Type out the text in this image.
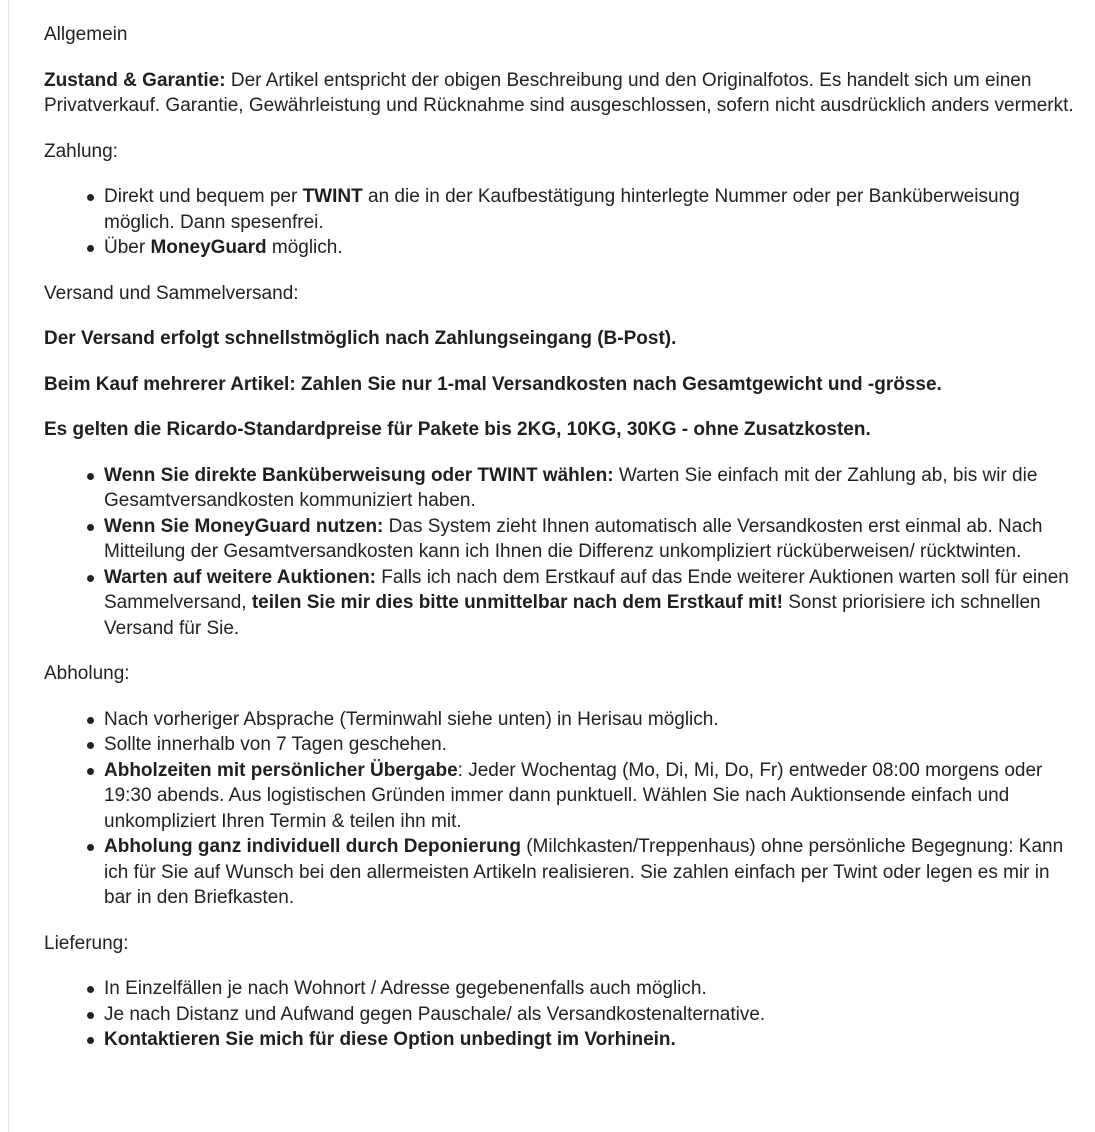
Allgemein

Zustand & Garantie: Der Artikel entspricht der obigen Beschreibung und den Originalfotos. Es handelt sich um einen Privatverkauf. Garantie, Gewährleistung und Rücknahme sind ausgeschlossen, sofern nicht ausdrücklich anders vermerkt.

Zahlung:

Direkt und bequem per TWINT an die in der Kaufbestätigung hinterlegte Nummer oder per Banküberweisung möglich. Dann spesenfrei.
Über MoneyGuard möglich.

Versand und Sammelversand:

Der Versand erfolgt schnellstmöglich nach Zahlungseingang (B-Post).

Beim Kauf mehrerer Artikel: Zahlen Sie nur 1-mal Versandkosten nach Gesamtgewicht und -grösse.

Es gelten die Ricardo-Standardpreise für Pakete bis 2KG, 10KG, 30KG - ohne Zusatzkosten.

Wenn Sie direkte Banküberweisung oder TWINT wählen: Warten Sie einfach mit der Zahlung ab, bis wir die Gesamtversandkosten kommuniziert haben.
Wenn Sie MoneyGuard nutzen: Das System zieht Ihnen automatisch alle Versandkosten erst einmal ab. Nach Mitteilung der Gesamtversandkosten kann ich Ihnen die Differenz unkompliziert rücküberweisen/ rücktwinten.
Warten auf weitere Auktionen: Falls ich nach dem Erstkauf auf das Ende weiterer Auktionen warten soll für einen Sammelversand, teilen Sie mir dies bitte unmittelbar nach dem Erstkauf mit! Sonst priorisiere ich schnellen Versand für Sie.

Abholung:

Nach vorheriger Absprache (Terminwahl siehe unten) in Herisau möglich.
Sollte innerhalb von 7 Tagen geschehen.
Abholzeiten mit persönlicher Übergabe: Jeder Wochentag (Mo, Di, Mi, Do, Fr) entweder 08:00 morgens oder 19:30 abends. Aus logistischen Gründen immer dann punktuell. Wählen Sie nach Auktionsende einfach und unkompliziert Ihren Termin & teilen ihn mit.
Abholung ganz individuell durch Deponierung (Milchkasten/Treppenhaus) ohne persönliche Begegnung: Kann ich für Sie auf Wunsch bei den allermeisten Artikeln realisieren. Sie zahlen einfach per Twint oder legen es mir in bar in den Briefkasten.

Lieferung:

In Einzelfällen je nach Wohnort / Adresse gegebenenfalls auch möglich.
Je nach Distanz und Aufwand gegen Pauschale/ als Versandkostenalternative.
Kontaktieren Sie mich für diese Option unbedingt im Vorhinein.
